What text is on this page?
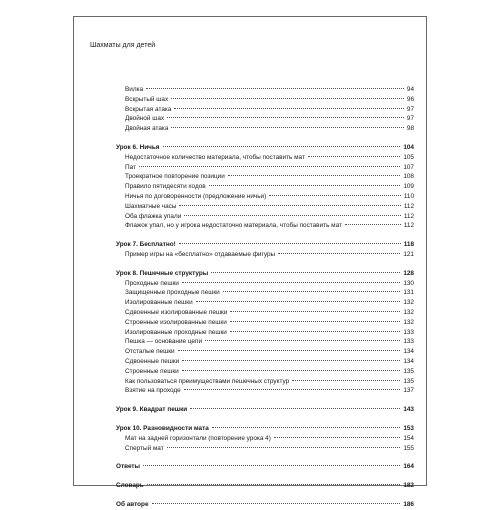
Шахматы для детей
Вилка	94
Вскрытый шах	96
Вскрытая атака	97
Двойной шах	97
Двойная атака	98
Урок 6. Ничья	104
Недостаточное количество материала, чтобы поставить мат	105
Пат	107
Троекратное повторение позиции	108
Правило пятидесяти ходов	109
Ничья по договоренности (предложение ничьи)	110
Шахматные часы	112
Оба флажка упали	112
Флажок упал, но у игрока недостаточно материала, чтобы поставить мат	112
Урок 7. Бесплатно!	118
Пример игры на «бесплатно» отдаваемые фигуры	121
Урок 8. Пешечные структуры	128
Проходные пешки	130
Защищенные проходные пешки	131
Изолированные пешки	132
Сдвоенные изолированные пешки	132
Строенные изолированные пешки	132
Изолированные проходные пешки	133
Пешка — основание цепи	133
Отсталые пешки	134
Сдвоенные пешки	134
Строенные пешки	135
Как пользоваться преимуществами пешечных структур	135
Взятие на проходе	137
Урок 9. Квадрат пешки	143
Урок 10. Разновидности мата	153
Мат на задней горизонтали (повторение урока 4)	154
Спертый мат	155
Ответы	164
Словарь	182
Об авторе	186
